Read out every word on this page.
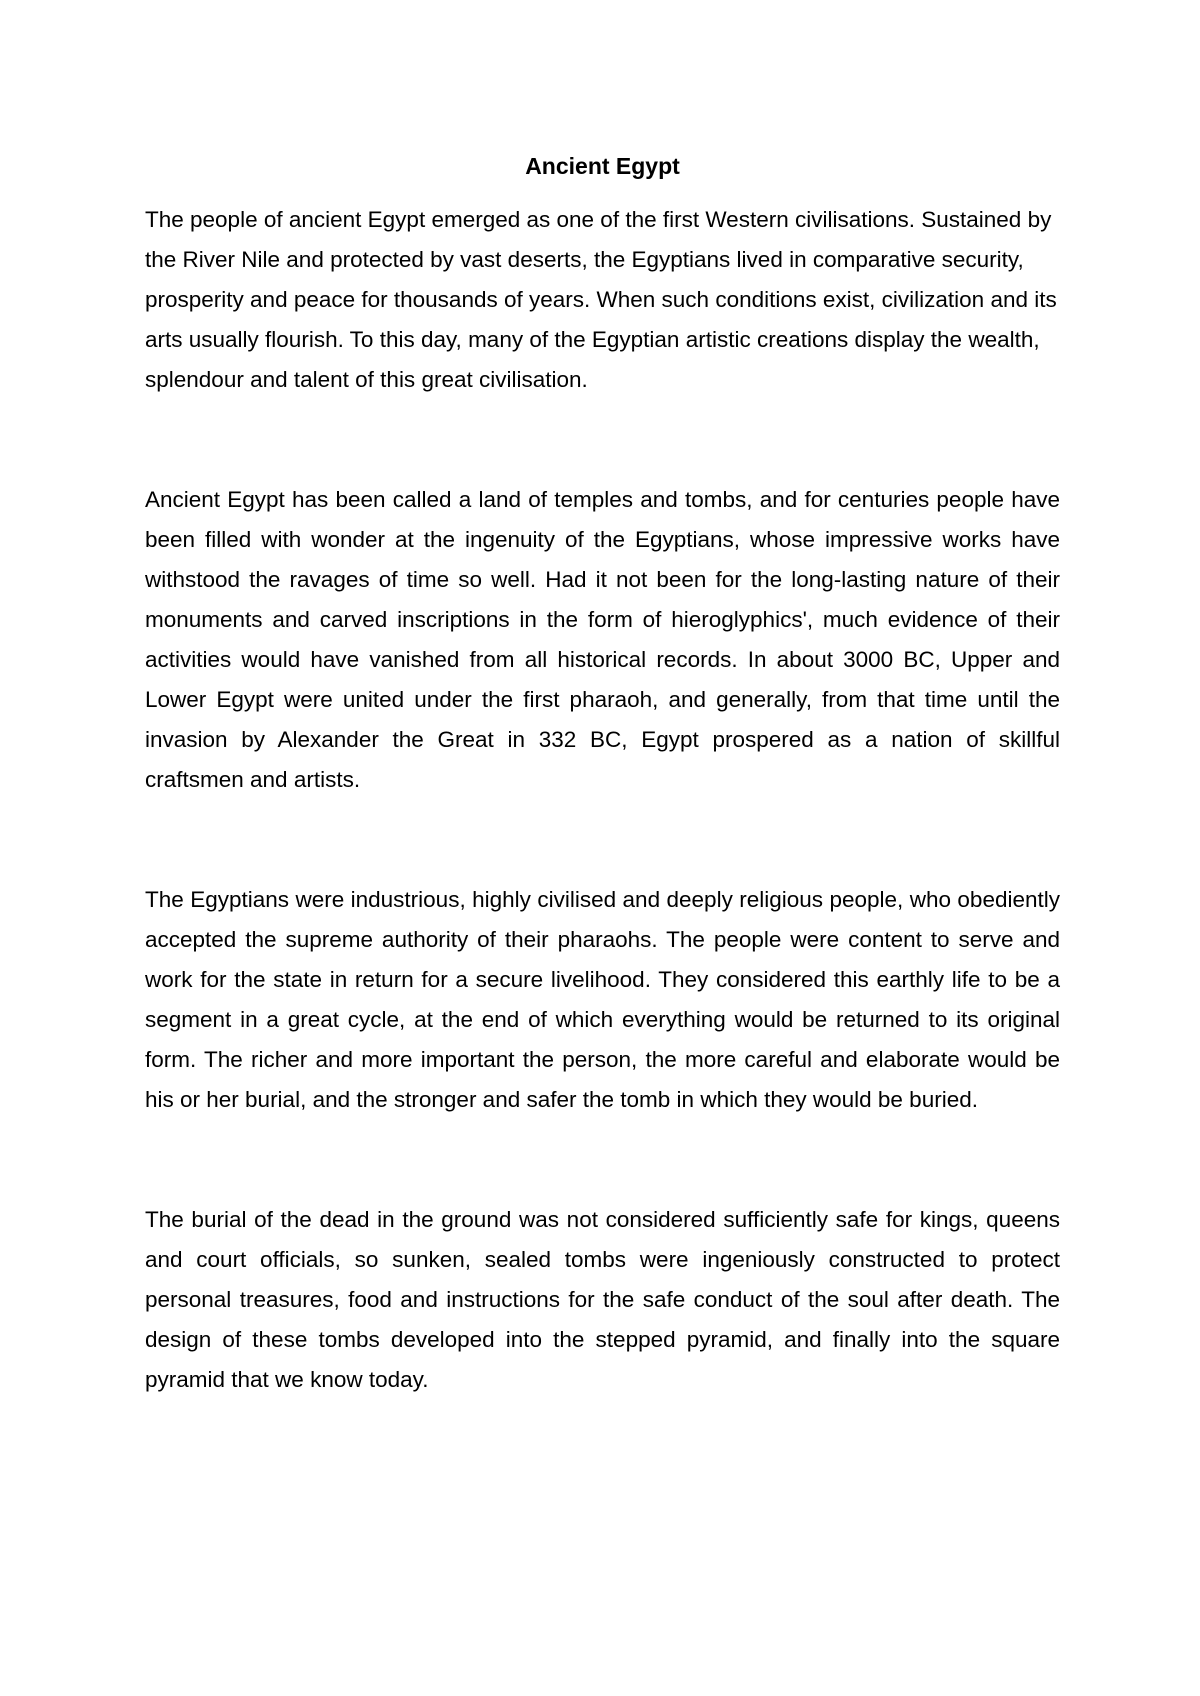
Ancient Egypt

The people of ancient Egypt emerged as one of the first Western civilisations. Sustained by the River Nile and protected by vast deserts, the Egyptians lived in comparative security, prosperity and peace for thousands of years. When such conditions exist, civilization and its arts usually flourish. To this day, many of the Egyptian artistic creations display the wealth, splendour and talent of this great civilisation.

Ancient Egypt has been called a land of temples and tombs, and for centuries people have been filled with wonder at the ingenuity of the Egyptians, whose impressive works have withstood the ravages of time so well. Had it not been for the long-lasting nature of their monuments and carved inscriptions in the form of hieroglyphics', much evidence of their activities would have vanished from all historical records. In about 3000 BC, Upper and Lower Egypt were united under the first pharaoh, and generally, from that time until the invasion by Alexander the Great in 332 BC, Egypt prospered as a nation of skillful craftsmen and artists.

The Egyptians were industrious, highly civilised and deeply religious people, who obediently accepted the supreme authority of their pharaohs. The people were content to serve and work for the state in return for a secure livelihood. They considered this earthly life to be a segment in a great cycle, at the end of which everything would be returned to its original form. The richer and more important the person, the more careful and elaborate would be his or her burial, and the stronger and safer the tomb in which they would be buried.

The burial of the dead in the ground was not considered sufficiently safe for kings, queens and court officials, so sunken, sealed tombs were ingeniously constructed to protect personal treasures, food and instructions for the safe conduct of the soul after death. The design of these tombs developed into the stepped pyramid, and finally into the square pyramid that we know today.
